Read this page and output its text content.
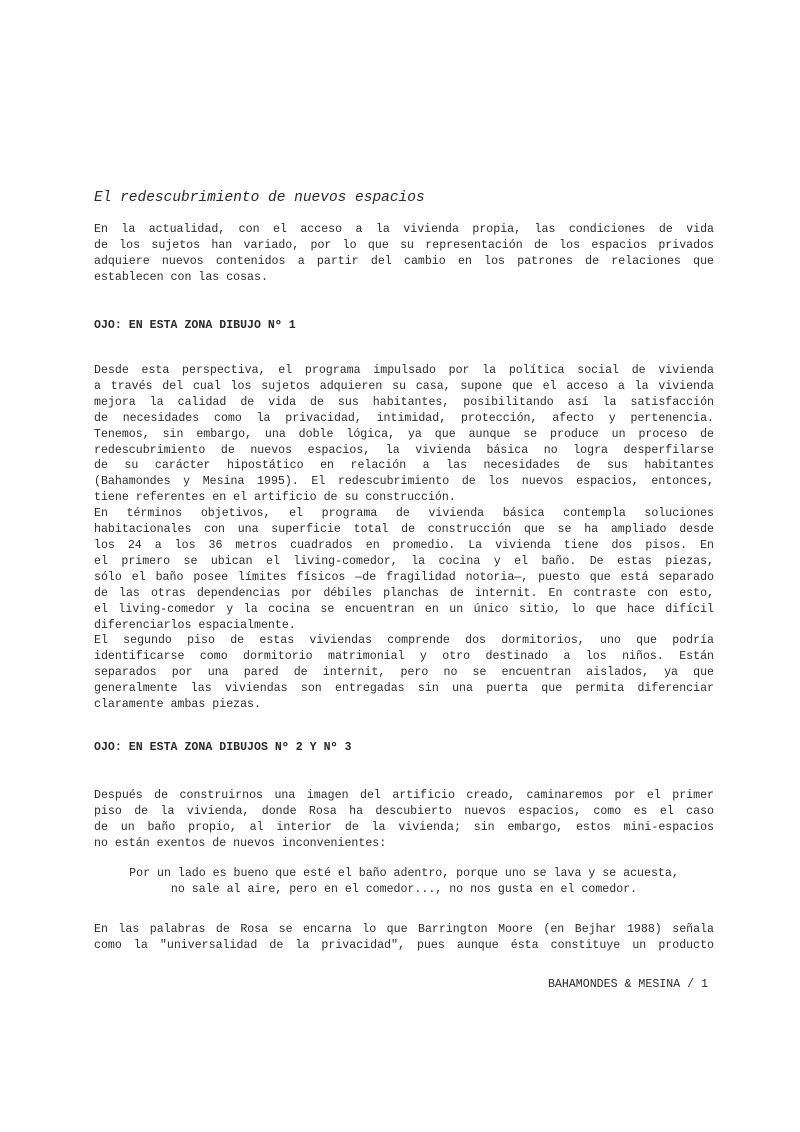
El redescubrimiento de nuevos espacios
En la actualidad, con el acceso a la vivienda propia, las condiciones de vida
de los sujetos han variado, por lo que su representación de los espacios privados
adquiere nuevos contenidos a partir del cambio en los patrones de relaciones que
establecen con las cosas.
OJO: EN ESTA ZONA DIBUJO Nº 1
Desde esta perspectiva, el programa impulsado por la política social de vivienda
a través del cual los sujetos adquieren su casa, supone que el acceso a la vivienda
mejora la calidad de vida de sus habitantes, posibilitando así la satisfacción
de necesidades como la privacidad, intimidad, protección, afecto y pertenencia.
Tenemos, sin embargo, una doble lógica, ya que aunque se produce un proceso de
redescubrimiento de nuevos espacios, la vivienda básica no logra desperfilarse
de su carácter hipostático en relación a las necesidades de sus habitantes
(Bahamondes y Mesina 1995). El redescubrimiento de los nuevos espacios, entonces,
tiene referentes en el artificio de su construcción.
En términos objetivos, el programa de vivienda básica contempla soluciones
habitacionales con una superficie total de construcción que se ha ampliado desde
los 24 a los 36 metros cuadrados en promedio. La vivienda tiene dos pisos. En
el primero se ubican el living-comedor, la cocina y el baño. De estas piezas,
sólo el baño posee límites físicos —de fragilidad notoria—, puesto que está separado
de las otras dependencias por débiles planchas de internit. En contraste con esto,
el living-comedor y la cocina se encuentran en un único sitio, lo que hace difícil
diferenciarlos espacialmente.
El segundo piso de estas viviendas comprende dos dormitorios, uno que podría
identificarse como dormitorio matrimonial y otro destinado a los niños. Están
separados por una pared de internit, pero no se encuentran aislados, ya que
generalmente las viviendas son entregadas sin una puerta que permita diferenciar
claramente ambas piezas.
OJO: EN ESTA ZONA DIBUJOS Nº 2 Y Nº 3
Después de construirnos una imagen del artificio creado, caminaremos por el primer
piso de la vivienda, donde Rosa ha descubierto nuevos espacios, como es el caso
de un baño propio, al interior de la vivienda; sin embargo, estos mini-espacios
no están exentos de nuevos inconvenientes:
Por un lado es bueno que esté el baño adentro, porque uno se lava y se acuesta,
no sale al aire, pero en el comedor..., no nos gusta en el comedor.
En las palabras de Rosa se encarna lo que Barrington Moore (en Bejhar 1988) señala
como la "universalidad de la privacidad", pues aunque ésta constituye un producto
BAHAMONDES & MESINA / 1
